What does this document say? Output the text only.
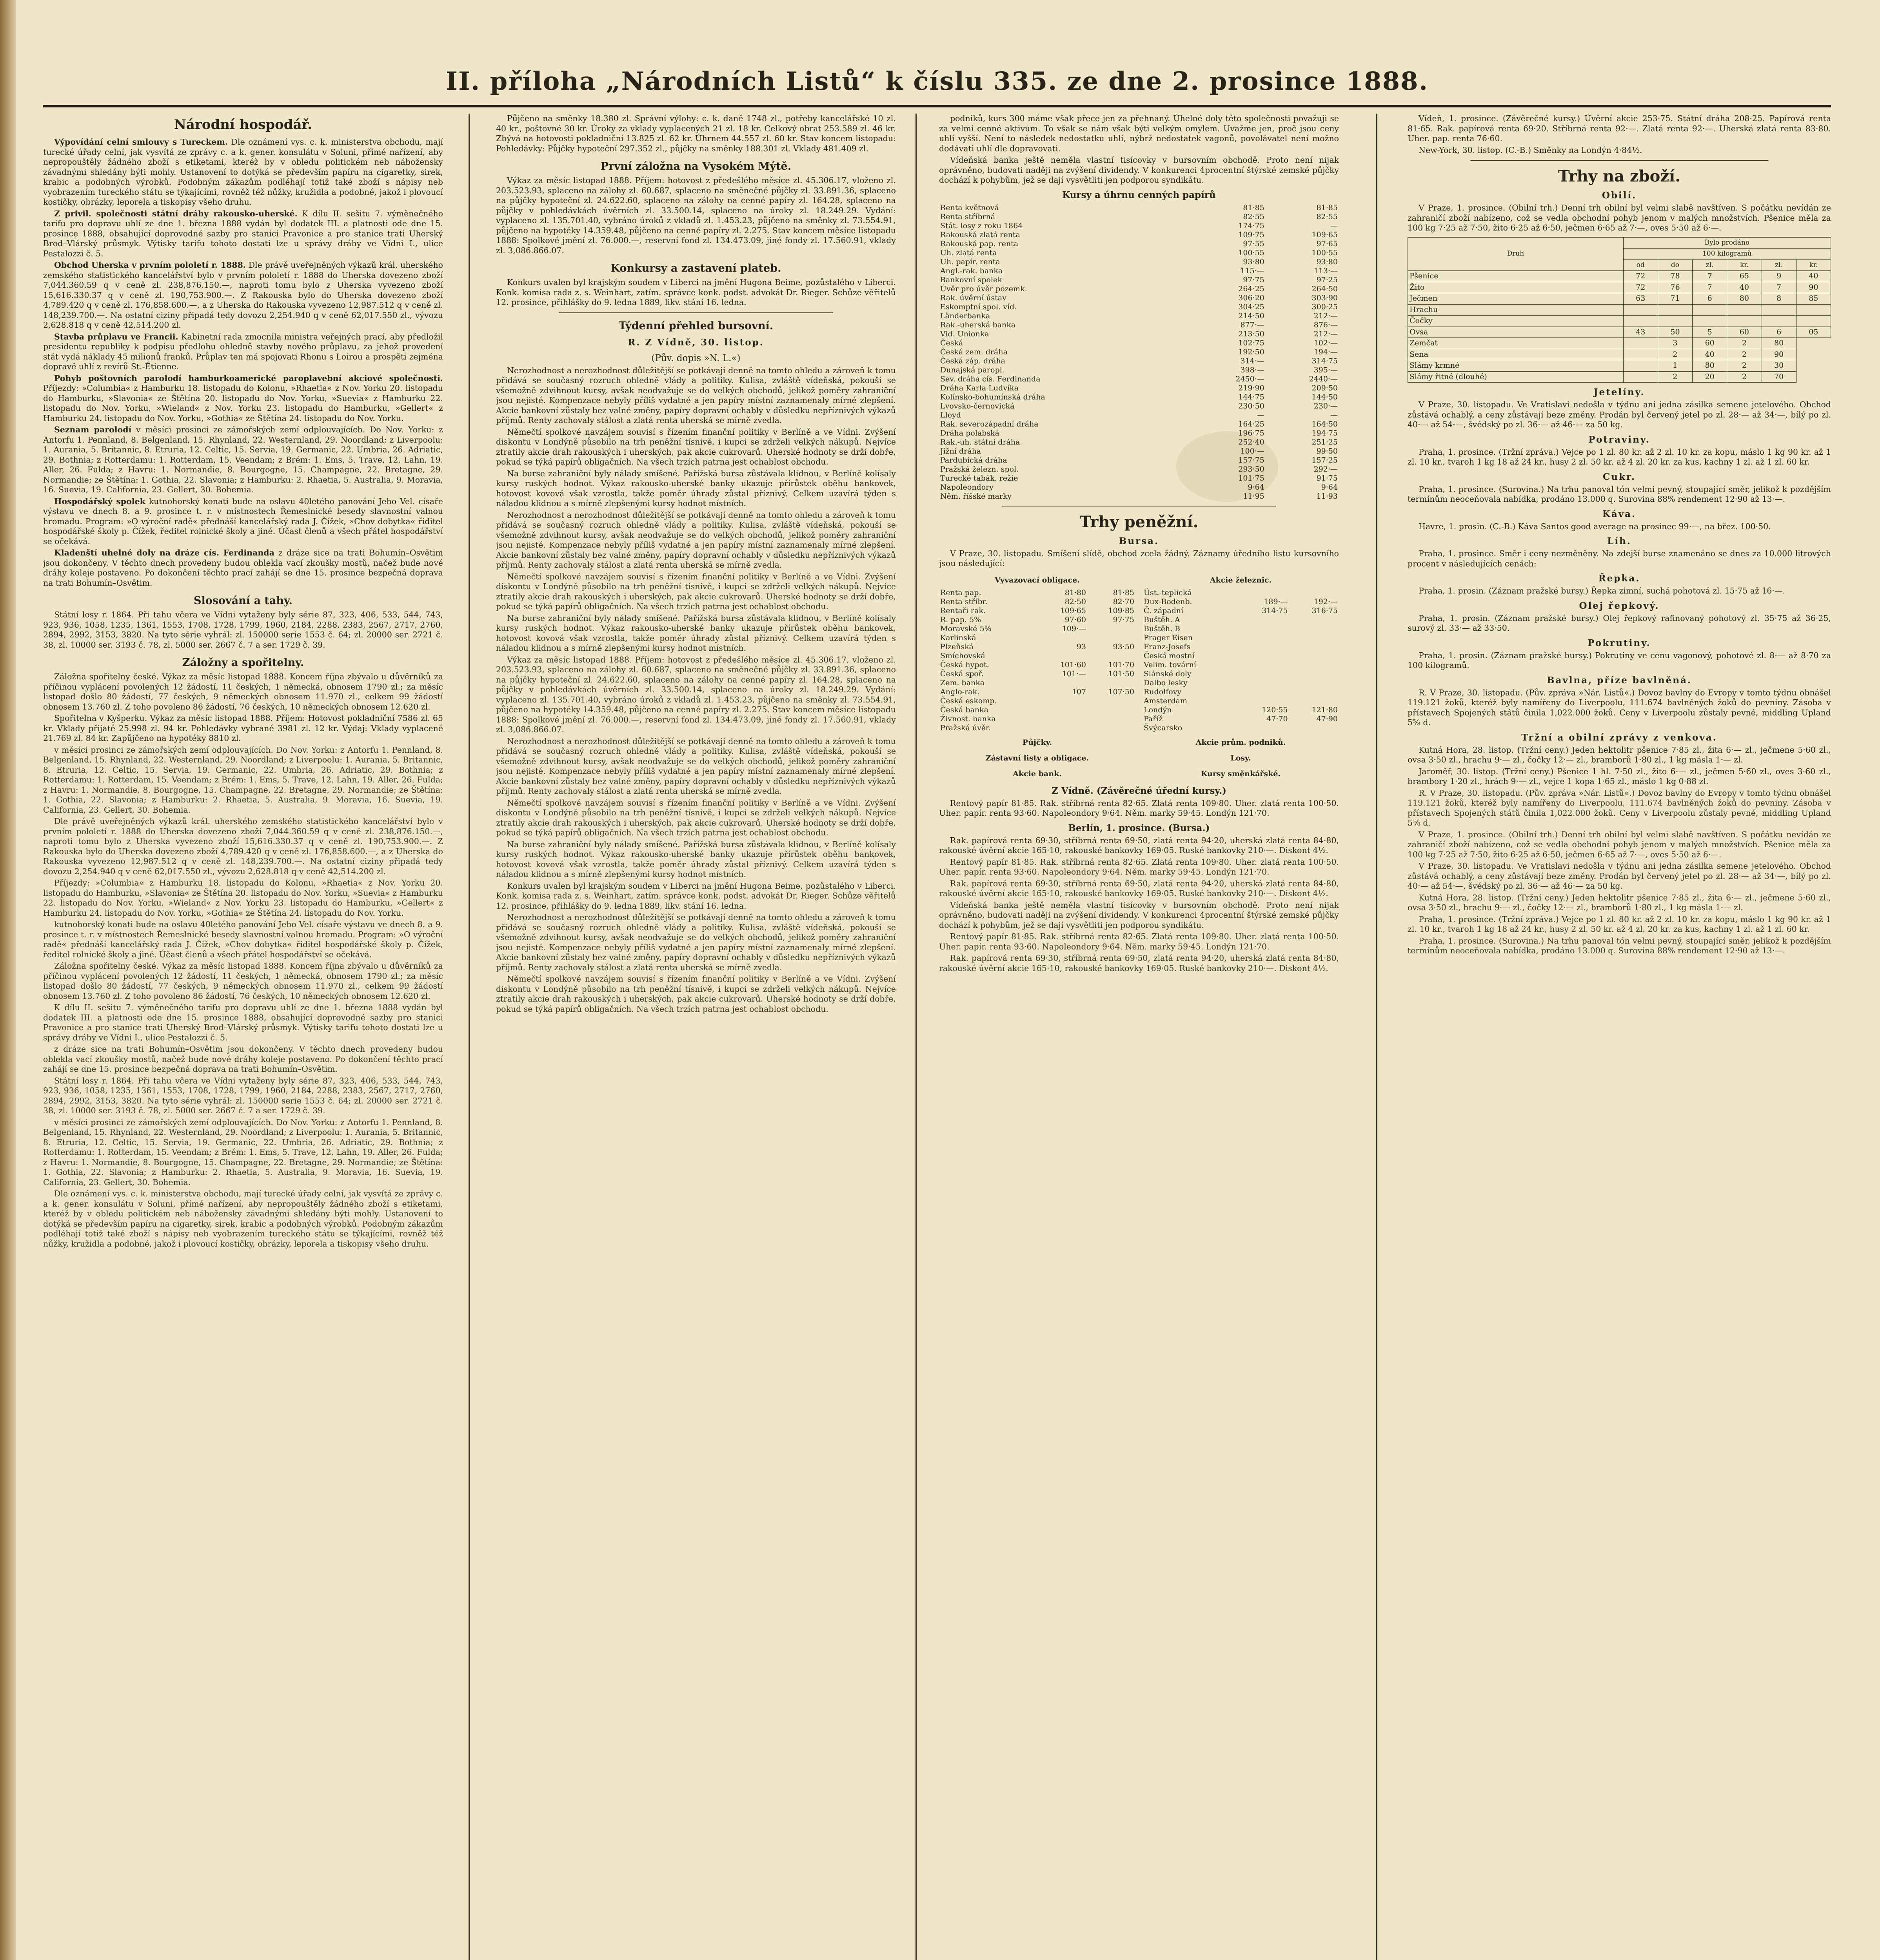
II. příloha „Národních Listů“ k číslu 335. ze dne 2. prosince 1888.
Národní hospodář.

Výpovídání celní smlouvy s Tureckem. Dle oznámení vys. c. k. ministerstva obchodu, mají turecké úřady celní, jak vysvítá ze zprávy c. a k. gener. konsulátu v Soluni, přímé nařízení, aby nepropouštěly žádného zboží s etiketami, kteréž by v obledu politickém neb nábožensky závadnými shledány býti mohly. Ustanovení to dotýká se především papíru na cigaretky, sirek, krabic a podobných výrobků. Podobným zákazům podléhají totiž také zboží s nápisy neb vyobrazením tureckého státu se týkajícími, rovněž též nůžky, kružidla a podobné, jakož i plovoucí kostičky, obrázky, leporela a tiskopisy všeho druhu.

Z privil. společnosti státní dráhy rakousko-uherské. K dílu II. sešitu 7. výměnečného tarifu pro dopravu uhlí ze dne 1. března 1888 vydán byl dodatek III. a platnosti ode dne 15. prosince 1888, obsahující doprovodné sazby pro stanici Pravonice a pro stanice trati Uherský Brod–Vlárský průsmyk. Výtisky tarifu tohoto dostati lze u správy dráhy ve Vídni I., ulice Pestalozzi č. 5.

Obchod Uherska v prvním pololetí r. 1888. Dle právě uveřejněných výkazů král. uherského zemského statistického kancelářství bylo v prvním pololetí r. 1888 do Uherska dovezeno zboží 7,044.360.59 q v ceně zl. 238,876.150.—, naproti tomu bylo z Uherska vyvezeno zboží 15,616.330.37 q v ceně zl. 190,753.900.—. Z Rakouska bylo do Uherska dovezeno zboží 4,789.420 q v ceně zl. 176,858.600.—, a z Uherska do Rakouska vyvezeno 12,987.512 q v ceně zl. 148,239.700.—. Na ostatní ciziny připadá tedy dovozu 2,254.940 q v ceně 62,017.550 zl., vývozu 2,628.818 q v ceně 42,514.200 zl.

Stavba průplavu ve Francii. Kabinetní rada zmocnila ministra veřejných prací, aby předložil presidentu republiky k podpisu předlohu ohledně stavby nového průplavu, za jehož provedení stát vydá náklady 45 milionů franků. Průplav ten má spojovati Rhonu s Loirou a prospěti zejména dopravě uhlí z revírů St.-Étienne.

Pohyb poštovních parolodí hamburkoamerické paroplavební akciové společnosti. Příjezdy: »Columbia« z Hamburku 18. listopadu do Kolonu, »Rhaetia« z Nov. Yorku 20. listopadu do Hamburku, »Slavonia« ze Štětína 20. listopadu do Nov. Yorku, »Suevia« z Hamburku 22. listopadu do Nov. Yorku, »Wieland« z Nov. Yorku 23. listopadu do Hamburku, »Gellert« z Hamburku 24. listopadu do Nov. Yorku, »Gothia« ze Štětína 24. listopadu do Nov. Yorku.

Seznam parolodí v měsíci prosinci ze zámořských zemí odplouvajících. Do Nov. Yorku: z Antorfu 1. Pennland, 8. Belgenland, 15. Rhynland, 22. Westernland, 29. Noordland; z Liverpoolu: 1. Aurania, 5. Britannic, 8. Etruria, 12. Celtic, 15. Servia, 19. Germanic, 22. Umbria, 26. Adriatic, 29. Bothnia; z Rotterdamu: 1. Rotterdam, 15. Veendam; z Brém: 1. Ems, 5. Trave, 12. Lahn, 19. Aller, 26. Fulda; z Havru: 1. Normandie, 8. Bourgogne, 15. Champagne, 22. Bretagne, 29. Normandie; ze Štětína: 1. Gothia, 22. Slavonia; z Hamburku: 2. Rhaetia, 5. Australia, 9. Moravia, 16. Suevia, 19. California, 23. Gellert, 30. Bohemia.

Hospodářský spolek kutnohorský konati bude na oslavu 40letého panování Jeho Vel. císaře výstavu ve dnech 8. a 9. prosince t. r. v místnostech Řemeslnické besedy slavnostní valnou hromadu. Program: »O výroční radě« přednáší kancelářský rada J. Čížek, »Chov dobytka« řiditel hospodářské školy p. Čížek, ředitel rolnické školy a jiné. Účast členů a všech přátel hospodářství se očekává.

Kladenští uhelné doly na dráze cís. Ferdinanda z dráze sice na trati Bohumín–Osvětim jsou dokončeny. V těchto dnech provedeny budou oblekla vací zkoušky mostů, načež bude nové dráhy koleje postaveno. Po dokončení těchto prací zahájí se dne 15. prosince bezpečná doprava na trati Bohumín–Osvětim.

Slosování a tahy.

Státní losy r. 1864. Při tahu včera ve Vídni vytaženy byly série 87, 323, 406, 533, 544, 743, 923, 936, 1058, 1235, 1361, 1553, 1708, 1728, 1799, 1960, 2184, 2288, 2383, 2567, 2717, 2760, 2894, 2992, 3153, 3820. Na tyto série vyhrál: zl. 150000 serie 1553 č. 64; zl. 20000 ser. 2721 č. 38, zl. 10000 ser. 3193 č. 78, zl. 5000 ser. 2667 č. 7 a ser. 1729 č. 39.

Záložny a spořitelny.

Záložna spořitelny české. Výkaz za měsíc listopad 1888. Koncem října zbývalo u důvěrníků za příčinou vyplácení povolených 12 žádostí, 11 českých, 1 německá, obnosem 1790 zl.; za měsíc listopad došlo 80 žádostí, 77 českých, 9 německých obnosem 11.970 zl., celkem 99 žádostí obnosem 13.760 zl. Z toho povoleno 86 žádostí, 76 českých, 10 německých obnosem 12.620 zl.

Spořitelna v Kyšperku. Výkaz za měsíc listopad 1888. Příjem: Hotovost pokladniční 7586 zl. 65 kr. Vklady přijaté 25.998 zl. 94 kr. Pohledávky vybrané 3981 zl. 12 kr. Výdaj: Vklady vyplacené 21.769 zl. 84 kr. Zapůjčeno na hypotéky 8810 zl.

v měsíci prosinci ze zámořských zemí odplouvajících. Do Nov. Yorku: z Antorfu 1. Pennland, 8. Belgenland, 15. Rhynland, 22. Westernland, 29. Noordland; z Liverpoolu: 1. Aurania, 5. Britannic, 8. Etruria, 12. Celtic, 15. Servia, 19. Germanic, 22. Umbria, 26. Adriatic, 29. Bothnia; z Rotterdamu: 1. Rotterdam, 15. Veendam; z Brém: 1. Ems, 5. Trave, 12. Lahn, 19. Aller, 26. Fulda; z Havru: 1. Normandie, 8. Bourgogne, 15. Champagne, 22. Bretagne, 29. Normandie; ze Štětína: 1. Gothia, 22. Slavonia; z Hamburku: 2. Rhaetia, 5. Australia, 9. Moravia, 16. Suevia, 19. California, 23. Gellert, 30. Bohemia.

Dle právě uveřejněných výkazů král. uherského zemského statistického kancelářství bylo v prvním pololetí r. 1888 do Uherska dovezeno zboží 7,044.360.59 q v ceně zl. 238,876.150.—, naproti tomu bylo z Uherska vyvezeno zboží 15,616.330.37 q v ceně zl. 190,753.900.—. Z Rakouska bylo do Uherska dovezeno zboží 4,789.420 q v ceně zl. 176,858.600.—, a z Uherska do Rakouska vyvezeno 12,987.512 q v ceně zl. 148,239.700.—. Na ostatní ciziny připadá tedy dovozu 2,254.940 q v ceně 62,017.550 zl., vývozu 2,628.818 q v ceně 42,514.200 zl.

Příjezdy: »Columbia« z Hamburku 18. listopadu do Kolonu, »Rhaetia« z Nov. Yorku 20. listopadu do Hamburku, »Slavonia« ze Štětína 20. listopadu do Nov. Yorku, »Suevia« z Hamburku 22. listopadu do Nov. Yorku, »Wieland« z Nov. Yorku 23. listopadu do Hamburku, »Gellert« z Hamburku 24. listopadu do Nov. Yorku, »Gothia« ze Štětína 24. listopadu do Nov. Yorku.

kutnohorský konati bude na oslavu 40letého panování Jeho Vel. císaře výstavu ve dnech 8. a 9. prosince t. r. v místnostech Řemeslnické besedy slavnostní valnou hromadu. Program: »O výroční radě« přednáší kancelářský rada J. Čížek, »Chov dobytka« řiditel hospodářské školy p. Čížek, ředitel rolnické školy a jiné. Účast členů a všech přátel hospodářství se očekává.

Záložna spořitelny české. Výkaz za měsíc listopad 1888. Koncem října zbývalo u důvěrníků za příčinou vyplácení povolených 12 žádostí, 11 českých, 1 německá, obnosem 1790 zl.; za měsíc listopad došlo 80 žádostí, 77 českých, 9 německých obnosem 11.970 zl., celkem 99 žádostí obnosem 13.760 zl. Z toho povoleno 86 žádostí, 76 českých, 10 německých obnosem 12.620 zl.

K dílu II. sešitu 7. výměnečného tarifu pro dopravu uhlí ze dne 1. března 1888 vydán byl dodatek III. a platnosti ode dne 15. prosince 1888, obsahující doprovodné sazby pro stanici Pravonice a pro stanice trati Uherský Brod–Vlárský průsmyk. Výtisky tarifu tohoto dostati lze u správy dráhy ve Vídni I., ulice Pestalozzi č. 5.

z dráze sice na trati Bohumín–Osvětim jsou dokončeny. V těchto dnech provedeny budou oblekla vací zkoušky mostů, načež bude nové dráhy koleje postaveno. Po dokončení těchto prací zahájí se dne 15. prosince bezpečná doprava na trati Bohumín–Osvětim.

Státní losy r. 1864. Při tahu včera ve Vídni vytaženy byly série 87, 323, 406, 533, 544, 743, 923, 936, 1058, 1235, 1361, 1553, 1708, 1728, 1799, 1960, 2184, 2288, 2383, 2567, 2717, 2760, 2894, 2992, 3153, 3820. Na tyto série vyhrál: zl. 150000 serie 1553 č. 64; zl. 20000 ser. 2721 č. 38, zl. 10000 ser. 3193 č. 78, zl. 5000 ser. 2667 č. 7 a ser. 1729 č. 39.

v měsíci prosinci ze zámořských zemí odplouvajících. Do Nov. Yorku: z Antorfu 1. Pennland, 8. Belgenland, 15. Rhynland, 22. Westernland, 29. Noordland; z Liverpoolu: 1. Aurania, 5. Britannic, 8. Etruria, 12. Celtic, 15. Servia, 19. Germanic, 22. Umbria, 26. Adriatic, 29. Bothnia; z Rotterdamu: 1. Rotterdam, 15. Veendam; z Brém: 1. Ems, 5. Trave, 12. Lahn, 19. Aller, 26. Fulda; z Havru: 1. Normandie, 8. Bourgogne, 15. Champagne, 22. Bretagne, 29. Normandie; ze Štětína: 1. Gothia, 22. Slavonia; z Hamburku: 2. Rhaetia, 5. Australia, 9. Moravia, 16. Suevia, 19. California, 23. Gellert, 30. Bohemia.

Dle oznámení vys. c. k. ministerstva obchodu, mají turecké úřady celní, jak vysvítá ze zprávy c. a k. gener. konsulátu v Soluni, přímé nařízení, aby nepropouštěly žádného zboží s etiketami, kteréž by v obledu politickém neb nábožensky závadnými shledány býti mohly. Ustanovení to dotýká se především papíru na cigaretky, sirek, krabic a podobných výrobků. Podobným zákazům podléhají totiž také zboží s nápisy neb vyobrazením tureckého státu se týkajícími, rovněž též nůžky, kružidla a podobné, jakož i plovoucí kostičky, obrázky, leporela a tiskopisy všeho druhu.

Půjčeno na směnky 18.380 zl. Správní výlohy: c. k. daně 1748 zl., potřeby kancelářské 10 zl. 40 kr., poštovné 30 kr. Úroky za vklady vyplacených 21 zl. 18 kr. Celkový obrat 253.589 zl. 46 kr. Zbývá na hotovosti pokladniční 13.825 zl. 62 kr. Úhrnem 44.557 zl. 60 kr. Stav koncem listopadu: Pohledávky: Půjčky hypoteční 297.352 zl., půjčky na směnky 188.301 zl. Vklady 481.409 zl.

První záložna na Vysokém Mýtě.

Výkaz za měsíc listopad 1888. Příjem: hotovost z předešlého měsíce zl. 45.306.17, vloženo zl. 203.523.93, splaceno na zálohy zl. 60.687, splaceno na směnečné půjčky zl. 33.891.36, splaceno na půjčky hypoteční zl. 24.622.60, splaceno na zálohy na cenné papíry zl. 164.28, splaceno na půjčky v pohledávkách úvěrních zl. 33.500.14, splaceno na úroky zl. 18.249.29. Vydání: vyplaceno zl. 135.701.40, vybráno úroků z vkladů zl. 1.453.23, půjčeno na směnky zl. 73.554.91, půjčeno na hypotéky 14.359.48, půjčeno na cenné papíry zl. 2.275. Stav koncem měsíce listopadu 1888: Spolkové jmění zl. 76.000.—, reservní fond zl. 134.473.09, jiné fondy zl. 17.560.91, vklady zl. 3,086.866.07.

Konkursy a zastavení plateb.

Konkurs uvalen byl krajským soudem v Liberci na jmění Hugona Beime, pozůstalého v Liberci. Konk. komisa rada z. s. Weinhart, zatím. správce konk. podst. advokát Dr. Rieger. Schůze věřitelů 12. prosince, přihlášky do 9. ledna 1889, likv. stání 16. ledna.

Týdenní přehled bursovní.
R. Z Vídně, 30. listop.
(Pův. dopis »N. L.«)

Nerozhodnost a nerozhodnost důležitější se potkávají denně na tomto ohledu a zároveň k tomu přidává se současný rozruch ohledně vlády a politiky. Kulisa, zvláště vídeňská, pokouší se všemožně zdvihnout kursy, avšak neodvažuje se do velkých obchodů, jelikož poměry zahraniční jsou nejisté. Kompenzace nebyly příliš vydatné a jen papíry místní zaznamenaly mírné zlepšení. Akcie bankovní zůstaly bez valné změny, papíry dopravní ochably v důsledku nepříznivých výkazů příjmů. Renty zachovaly stálost a zlatá renta uherská se mírně zvedla.

Němečtí spolkové navzájem souvisí s řízením finanční politiky v Berlíně a ve Vídni. Zvýšení diskontu v Londýně působilo na trh peněžní tísnivě, i kupci se zdrželi velkých nákupů. Nejvíce ztratily akcie drah rakouských i uherských, pak akcie cukrovarů. Uherské hodnoty se drží dobře, pokud se týká papírů obligačních. Na všech trzích patrna jest ochablost obchodu.

Na burse zahraniční byly nálady smíšené. Pařížská bursa zůstávala klidnou, v Berlíně kolísaly kursy ruských hodnot. Výkaz rakousko-uherské banky ukazuje přírůstek oběhu bankovek, hotovost kovová však vzrostla, takže poměr úhrady zůstal příznivý. Celkem uzavírá týden s náladou klidnou a s mírně zlepšenými kursy hodnot místních.

Nerozhodnost a nerozhodnost důležitější se potkávají denně na tomto ohledu a zároveň k tomu přidává se současný rozruch ohledně vlády a politiky. Kulisa, zvláště vídeňská, pokouší se všemožně zdvihnout kursy, avšak neodvažuje se do velkých obchodů, jelikož poměry zahraniční jsou nejisté. Kompenzace nebyly příliš vydatné a jen papíry místní zaznamenaly mírné zlepšení. Akcie bankovní zůstaly bez valné změny, papíry dopravní ochably v důsledku nepříznivých výkazů příjmů. Renty zachovaly stálost a zlatá renta uherská se mírně zvedla.

Němečtí spolkové navzájem souvisí s řízením finanční politiky v Berlíně a ve Vídni. Zvýšení diskontu v Londýně působilo na trh peněžní tísnivě, i kupci se zdrželi velkých nákupů. Nejvíce ztratily akcie drah rakouských i uherských, pak akcie cukrovarů. Uherské hodnoty se drží dobře, pokud se týká papírů obligačních. Na všech trzích patrna jest ochablost obchodu.

Na burse zahraniční byly nálady smíšené. Pařížská bursa zůstávala klidnou, v Berlíně kolísaly kursy ruských hodnot. Výkaz rakousko-uherské banky ukazuje přírůstek oběhu bankovek, hotovost kovová však vzrostla, takže poměr úhrady zůstal příznivý. Celkem uzavírá týden s náladou klidnou a s mírně zlepšenými kursy hodnot místních.

Výkaz za měsíc listopad 1888. Příjem: hotovost z předešlého měsíce zl. 45.306.17, vloženo zl. 203.523.93, splaceno na zálohy zl. 60.687, splaceno na směnečné půjčky zl. 33.891.36, splaceno na půjčky hypoteční zl. 24.622.60, splaceno na zálohy na cenné papíry zl. 164.28, splaceno na půjčky v pohledávkách úvěrních zl. 33.500.14, splaceno na úroky zl. 18.249.29. Vydání: vyplaceno zl. 135.701.40, vybráno úroků z vkladů zl. 1.453.23, půjčeno na směnky zl. 73.554.91, půjčeno na hypotéky 14.359.48, půjčeno na cenné papíry zl. 2.275. Stav koncem měsíce listopadu 1888: Spolkové jmění zl. 76.000.—, reservní fond zl. 134.473.09, jiné fondy zl. 17.560.91, vklady zl. 3,086.866.07.

Nerozhodnost a nerozhodnost důležitější se potkávají denně na tomto ohledu a zároveň k tomu přidává se současný rozruch ohledně vlády a politiky. Kulisa, zvláště vídeňská, pokouší se všemožně zdvihnout kursy, avšak neodvažuje se do velkých obchodů, jelikož poměry zahraniční jsou nejisté. Kompenzace nebyly příliš vydatné a jen papíry místní zaznamenaly mírné zlepšení. Akcie bankovní zůstaly bez valné změny, papíry dopravní ochably v důsledku nepříznivých výkazů příjmů. Renty zachovaly stálost a zlatá renta uherská se mírně zvedla.

Němečtí spolkové navzájem souvisí s řízením finanční politiky v Berlíně a ve Vídni. Zvýšení diskontu v Londýně působilo na trh peněžní tísnivě, i kupci se zdrželi velkých nákupů. Nejvíce ztratily akcie drah rakouských i uherských, pak akcie cukrovarů. Uherské hodnoty se drží dobře, pokud se týká papírů obligačních. Na všech trzích patrna jest ochablost obchodu.

Na burse zahraniční byly nálady smíšené. Pařížská bursa zůstávala klidnou, v Berlíně kolísaly kursy ruských hodnot. Výkaz rakousko-uherské banky ukazuje přírůstek oběhu bankovek, hotovost kovová však vzrostla, takže poměr úhrady zůstal příznivý. Celkem uzavírá týden s náladou klidnou a s mírně zlepšenými kursy hodnot místních.

Konkurs uvalen byl krajským soudem v Liberci na jmění Hugona Beime, pozůstalého v Liberci. Konk. komisa rada z. s. Weinhart, zatím. správce konk. podst. advokát Dr. Rieger. Schůze věřitelů 12. prosince, přihlášky do 9. ledna 1889, likv. stání 16. ledna.

Nerozhodnost a nerozhodnost důležitější se potkávají denně na tomto ohledu a zároveň k tomu přidává se současný rozruch ohledně vlády a politiky. Kulisa, zvláště vídeňská, pokouší se všemožně zdvihnout kursy, avšak neodvažuje se do velkých obchodů, jelikož poměry zahraniční jsou nejisté. Kompenzace nebyly příliš vydatné a jen papíry místní zaznamenaly mírné zlepšení. Akcie bankovní zůstaly bez valné změny, papíry dopravní ochably v důsledku nepříznivých výkazů příjmů. Renty zachovaly stálost a zlatá renta uherská se mírně zvedla.

Němečtí spolkové navzájem souvisí s řízením finanční politiky v Berlíně a ve Vídni. Zvýšení diskontu v Londýně působilo na trh peněžní tísnivě, i kupci se zdrželi velkých nákupů. Nejvíce ztratily akcie drah rakouských i uherských, pak akcie cukrovarů. Uherské hodnoty se drží dobře, pokud se týká papírů obligačních. Na všech trzích patrna jest ochablost obchodu.

podniků, kurs 300 máme však přece jen za přehnaný. Úhelné doly této společnosti považuji se za velmi cenné aktivum. To však se nám však býti velkým omylem. Uvažme jen, proč jsou ceny uhlí vyšší. Není to následek nedostatku uhlí, nýbrž nedostatek vagonů, povolávatel není možno dodávati uhlí dle dopravovati.

Vídeňská banka ještě neměla vlastní tisícovky v bursovním obchodě. Proto není nijak oprávněno, budovati naději na zvýšení dividendy. V konkurenci 4procentní štýrské zemské půjčky dochází k pohybům, jež se dají vysvětliti jen podporou syndikátu.

Kursy a úhrnu cenných papírů
Renta květnová	81·85	81·85
Renta stříbrná	82·55	82·55
Stát. losy z roku 1864	174·75	—
Rakouská zlatá renta	109·75	109·65
Rakouská pap. renta	97·55	97·65
Uh. zlatá renta	100·55	100·55
Uh. papír. renta	93·80	93·80
Angl.-rak. banka	115·—	113·—
Bankovní spolek	97·75	97·25
Úvěr pro úvěr pozemk.	264·25	264·50
Rak. úvěrní ústav	306·20	303·90
Eskomptní spol. víd.	304·25	300·25
Länderbanka	214·50	212·—
Rak.-uherská banka	877·—	876·—
Vid. Unionka	213·50	212·—
Česká	102·75	102·—
Česká zem. dráha	192·50	194·—
Česká záp. dráha	314·—	314·75
Dunajská paropl.	398·—	395·—
Sev. dráha cís. Ferdinanda	2450·—	2440·—
Dráha Karla Ludvíka	219·90	209·50
Kolínsko-bohumínská dráha	144·75	144·50
Lvovsko-černovická	230·50	230·—
Lloyd	—	—
Rak. severozápadní dráha	164·25	164·50
Dráha polabská	196·75	194·75
Rak.-uh. státní dráha	252·40	251·25
Jižní dráha	100·—	99·50
Pardubická dráha	157·75	157·25
Pražská železn. spol.	293·50	292·—
Turecké tabák. režie	101·75	91·75
Napoleondory	9·64	9·64
Něm. říšské marky	11·95	11·93
Trhy peněžní.
Bursa.

V Praze, 30. listopadu. Smíšení slídě, obchod zcela žádný. Záznamy úředního listu kursovního jsou následující:

Vyvazovací obligace.
Renta pap.	81·80	81·85
Renta stříbr.	82·50	82·70
Rentaři rak.	109·65	109·85
R. pap. 5%	97·60	97·75
Moravské 5%	109·—	
Karlinská		
Plzeňská	93	93·50
Smíchovská		
Česká hypot.	101·60	101·70
Česká spoř.	101·—	101·50
Zem. banka		
Anglo-rak.	107	107·50
Česká eskomp.		
Česká banka		
Živnost. banka		
Pražská úvěr.		
Půjčky.
Zástavní listy a obligace.
Akcie bank.
Akcie železnic.
Úst.-teplická		
Dux-Bodenb.	189·—	192·—
Č. západní	314·75	316·75
Buštěh. A		
Buštěh. B		
Prager Eisen		
Franz-Josefs		
Česká mostní		
Velim. tovární		
Slánské doly		
Dalbo lesky		
Rudolfovy		
Amsterdam		
Londýn	120·55	121·80
Paříž	47·70	47·90
Švýcarsko		
Akcie prům. podniků.
Losy.
Kursy směnkářské.
Z Vídně. (Závěrečné úřední kursy.)

Rentový papír 81·85. Rak. stříbrná renta 82·65. Zlatá renta 109·80. Uher. zlatá renta 100·50. Uher. papír. renta 93·60. Napoleondory 9·64. Něm. marky 59·45. Londýn 121·70.

Berlín, 1. prosince. (Bursa.)

Rak. papírová renta 69·30, stříbrná renta 69·50, zlatá renta 94·20, uherská zlatá renta 84·80, rakouské úvěrní akcie 165·10, rakouské bankovky 169·05. Ruské bankovky 210·—. Diskont 4½.

Rentový papír 81·85. Rak. stříbrná renta 82·65. Zlatá renta 109·80. Uher. zlatá renta 100·50. Uher. papír. renta 93·60. Napoleondory 9·64. Něm. marky 59·45. Londýn 121·70.

Rak. papírová renta 69·30, stříbrná renta 69·50, zlatá renta 94·20, uherská zlatá renta 84·80, rakouské úvěrní akcie 165·10, rakouské bankovky 169·05. Ruské bankovky 210·—. Diskont 4½.

Vídeňská banka ještě neměla vlastní tisícovky v bursovním obchodě. Proto není nijak oprávněno, budovati naději na zvýšení dividendy. V konkurenci 4procentní štýrské zemské půjčky dochází k pohybům, jež se dají vysvětliti jen podporou syndikátu.

Rentový papír 81·85. Rak. stříbrná renta 82·65. Zlatá renta 109·80. Uher. zlatá renta 100·50. Uher. papír. renta 93·60. Napoleondory 9·64. Něm. marky 59·45. Londýn 121·70.

Rak. papírová renta 69·30, stříbrná renta 69·50, zlatá renta 94·20, uherská zlatá renta 84·80, rakouské úvěrní akcie 165·10, rakouské bankovky 169·05. Ruské bankovky 210·—. Diskont 4½.

Vídeň, 1. prosince. (Závěrečné kursy.) Úvěrní akcie 253·75. Státní dráha 208·25. Papírová renta 81·65. Rak. papírová renta 69·20. Stříbrná renta 92·—. Zlatá renta 92·—. Uherská zlatá renta 83·80. Uher. pap. renta 76·60.

New-York, 30. listop. (C.-B.) Směnky na Londýn 4·84½.

Trhy na zboží.
Obilí.

V Praze, 1. prosince. (Obilní trh.) Denní trh obilní byl velmi slabě navštíven. S počátku nevídán ze zahraničí zboží nabízeno, což se vedla obchodní pohyb jenom v malých množstvích. Pšenice měla za 100 kg 7·25 až 7·50, žito 6·25 až 6·50, ječmen 6·65 až 7·—, oves 5·50 až 6·—.

Druh	Bylo prodáno					
	100 kilogramů					
	od	do	zl.	kr.	zl.	kr.
Pšenice	72	78	7	65	9	40
Žito	72	76	7	40	7	90
Ječmen	63	71	6	80	8	85
Hrachu						
Čočky						
Ovsa	43	50	5	60	6	05
Zemčat		3	60	2	80	
Sena		2	40	2	90	
Slámy krmné		1	80	2	30	
Slámy řitné (dlouhé)		2	20	2	70	
Jetelíny.

V Praze, 30. listopadu. Ve Vratislavi nedošla v týdnu ani jedna zásilka semene jetelového. Obchod zůstává ochablý, a ceny zůstávají beze změny. Prodán byl červený jetel po zl. 28·— až 34·—, bílý po zl. 40·— až 54·—, švédský po zl. 36·— až 46·— za 50 kg.

Potraviny.

Praha, 1. prosince. (Tržní zpráva.) Vejce po 1 zl. 80 kr. až 2 zl. 10 kr. za kopu, máslo 1 kg 90 kr. až 1 zl. 10 kr., tvaroh 1 kg 18 až 24 kr., husy 2 zl. 50 kr. až 4 zl. 20 kr. za kus, kachny 1 zl. až 1 zl. 60 kr.

Cukr.

Praha, 1. prosince. (Surovina.) Na trhu panoval tón velmi pevný, stoupající směr, jelikož k pozdějším termínům neoceňovala nabídka, prodáno 13.000 q. Surovina 88% rendement 12·90 až 13·—.

Káva.

Havre, 1. prosin. (C.-B.) Káva Santos good average na prosinec 99·—, na břez. 100·50.

Líh.

Praha, 1. prosince. Směr i ceny nezměněny. Na zdejší burse znamenáno se dnes za 10.000 litrových procent v následujících cenách:

Řepka.

Praha, 1. prosin. (Záznam pražské bursy.) Řepka zimní, suchá pohotová zl. 15·75 až 16·—.

Olej řepkový.

Praha, 1. prosin. (Záznam pražské bursy.) Olej řepkový rafinovaný pohotový zl. 35·75 až 36·25, surový zl. 33·— až 33·50.

Pokrutiny.

Praha, 1. prosin. (Záznam pražské bursy.) Pokrutiny ve cenu vagonový, pohotové zl. 8·— až 8·70 za 100 kilogramů.

Bavlna, příze bavlněná.

R. V Praze, 30. listopadu. (Pův. zpráva »Nár. Listů«.) Dovoz bavlny do Evropy v tomto týdnu obnášel 119.121 žoků, kteréž byly namířeny do Liverpoolu, 111.674 bavlněných žoků do pevniny. Zásoba v přístavech Spojených států činila 1,022.000 žoků. Ceny v Liverpoolu zůstaly pevné, middling Upland 5⅝ d.

Tržní a obilní zprávy z venkova.

Kutná Hora, 28. listop. (Tržní ceny.) Jeden hektolitr pšenice 7·85 zl., žita 6·— zl., ječmene 5·60 zl., ovsa 3·50 zl., hrachu 9·— zl., čočky 12·— zl., bramborů 1·80 zl., 1 kg másla 1·— zl.

Jaroměř, 30. listop. (Tržní ceny.) Pšenice 1 hl. 7·50 zl., žito 6·— zl., ječmen 5·60 zl., oves 3·60 zl., brambory 1·20 zl., hrách 9·— zl., vejce 1 kopa 1·65 zl., máslo 1 kg 0·88 zl.

R. V Praze, 30. listopadu. (Pův. zpráva »Nár. Listů«.) Dovoz bavlny do Evropy v tomto týdnu obnášel 119.121 žoků, kteréž byly namířeny do Liverpoolu, 111.674 bavlněných žoků do pevniny. Zásoba v přístavech Spojených států činila 1,022.000 žoků. Ceny v Liverpoolu zůstaly pevné, middling Upland 5⅝ d.

V Praze, 1. prosince. (Obilní trh.) Denní trh obilní byl velmi slabě navštíven. S počátku nevídán ze zahraničí zboží nabízeno, což se vedla obchodní pohyb jenom v malých množstvích. Pšenice měla za 100 kg 7·25 až 7·50, žito 6·25 až 6·50, ječmen 6·65 až 7·—, oves 5·50 až 6·—.

V Praze, 30. listopadu. Ve Vratislavi nedošla v týdnu ani jedna zásilka semene jetelového. Obchod zůstává ochablý, a ceny zůstávají beze změny. Prodán byl červený jetel po zl. 28·— až 34·—, bílý po zl. 40·— až 54·—, švédský po zl. 36·— až 46·— za 50 kg.

Kutná Hora, 28. listop. (Tržní ceny.) Jeden hektolitr pšenice 7·85 zl., žita 6·— zl., ječmene 5·60 zl., ovsa 3·50 zl., hrachu 9·— zl., čočky 12·— zl., bramborů 1·80 zl., 1 kg másla 1·— zl.

Praha, 1. prosince. (Tržní zpráva.) Vejce po 1 zl. 80 kr. až 2 zl. 10 kr. za kopu, máslo 1 kg 90 kr. až 1 zl. 10 kr., tvaroh 1 kg 18 až 24 kr., husy 2 zl. 50 kr. až 4 zl. 20 kr. za kus, kachny 1 zl. až 1 zl. 60 kr.

Praha, 1. prosince. (Surovina.) Na trhu panoval tón velmi pevný, stoupající směr, jelikož k pozdějším termínům neoceňovala nabídka, prodáno 13.000 q. Surovina 88% rendement 12·90 až 13·—.
